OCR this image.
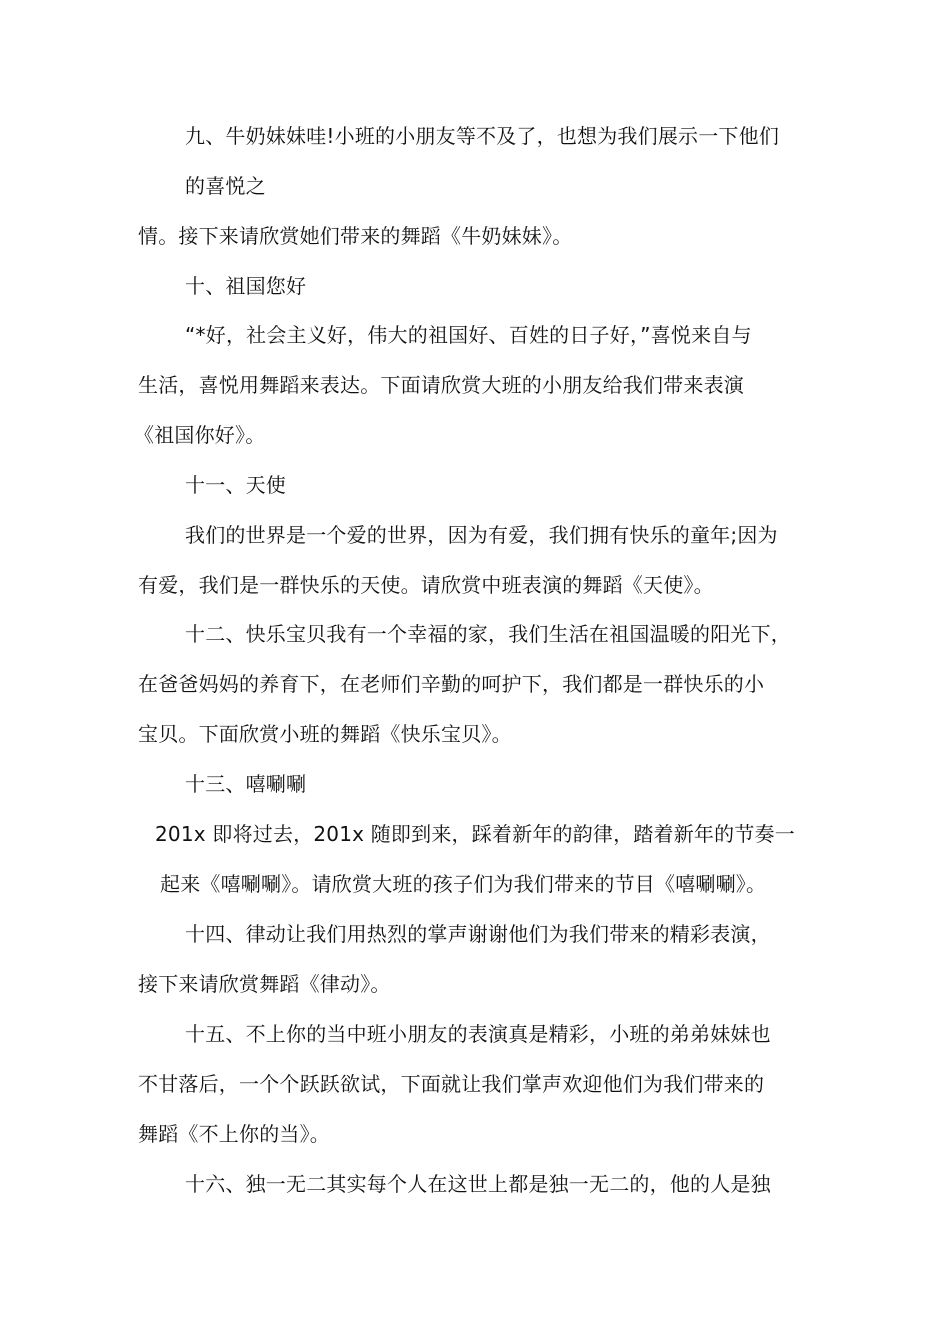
九、牛奶妹妹哇!小班的小朋友等不及了，也想为我们展示一下他们
的喜悦之
情。接下来请欣赏她们带来的舞蹈《牛奶妹妹》。
十、祖国您好
“*好，社会主义好，伟大的祖国好、百姓的日子好，”喜悦来自与
生活，喜悦用舞蹈来表达。下面请欣赏大班的小朋友给我们带来表演
《祖国你好》。
十一、天使
我们的世界是一个爱的世界，因为有爱，我们拥有快乐的童年;因为
有爱，我们是一群快乐的天使。请欣赏中班表演的舞蹈《天使》。
十二、快乐宝贝我有一个幸福的家，我们生活在祖国温暖的阳光下，
在爸爸妈妈的养育下，在老师们辛勤的呵护下，我们都是一群快乐的小
宝贝。下面欣赏小班的舞蹈《快乐宝贝》。
十三、嘻唰唰
201x 即将过去，201x 随即到来，踩着新年的韵律，踏着新年的节奏一
起来《嘻唰唰》。请欣赏大班的孩子们为我们带来的节目《嘻唰唰》。
十四、律动让我们用热烈的掌声谢谢他们为我们带来的精彩表演，
接下来请欣赏舞蹈《律动》。
十五、不上你的当中班小朋友的表演真是精彩，小班的弟弟妹妹也
不甘落后，一个个跃跃欲试，下面就让我们掌声欢迎他们为我们带来的
舞蹈《不上你的当》。
十六、独一无二其实每个人在这世上都是独一无二的，他的人是独
